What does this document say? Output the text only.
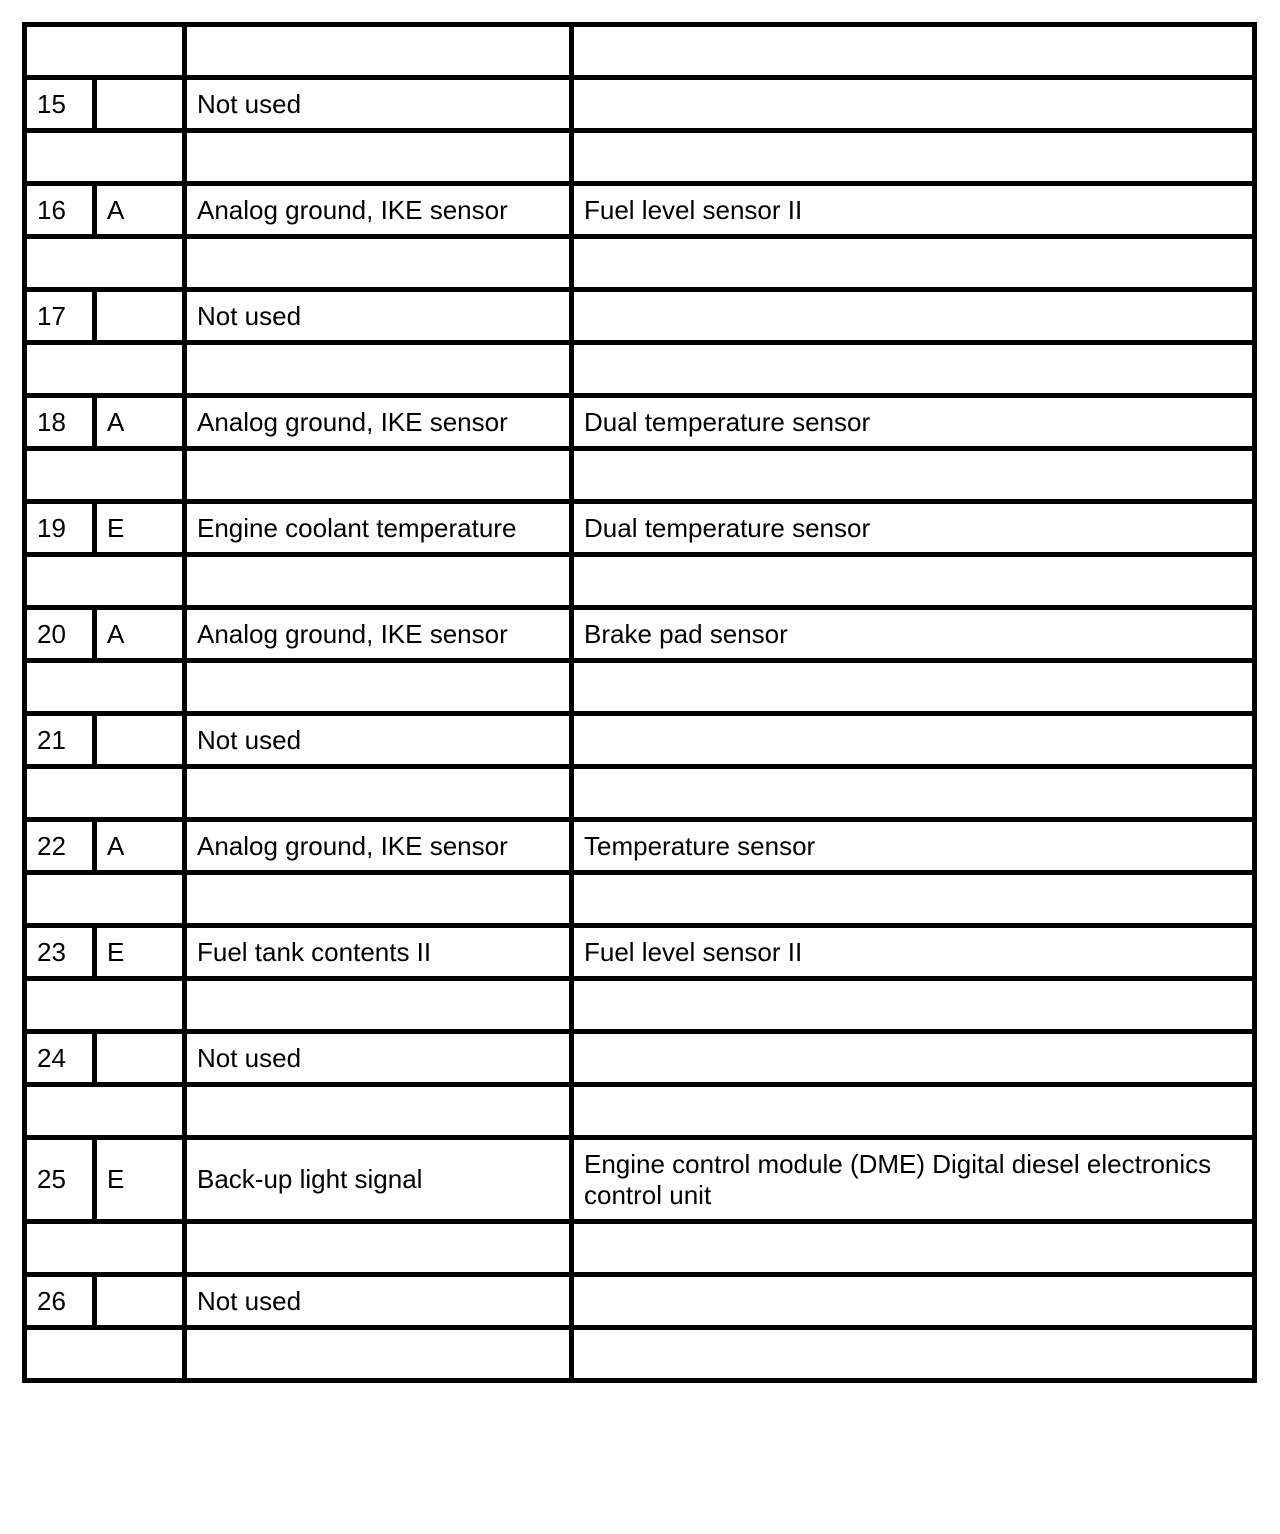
15		Not used	

16	A	Analog ground, IKE sensor	Fuel level sensor II

17		Not used	

18	A	Analog ground, IKE sensor	Dual temperature sensor

19	E	Engine coolant temperature	Dual temperature sensor

20	A	Analog ground, IKE sensor	Brake pad sensor

21		Not used	

22	A	Analog ground, IKE sensor	Temperature sensor

23	E	Fuel tank contents II	Fuel level sensor II

24		Not used	

25	E	Back-up light signal	Engine control module (DME) Digital diesel electronics control unit

26		Not used	
